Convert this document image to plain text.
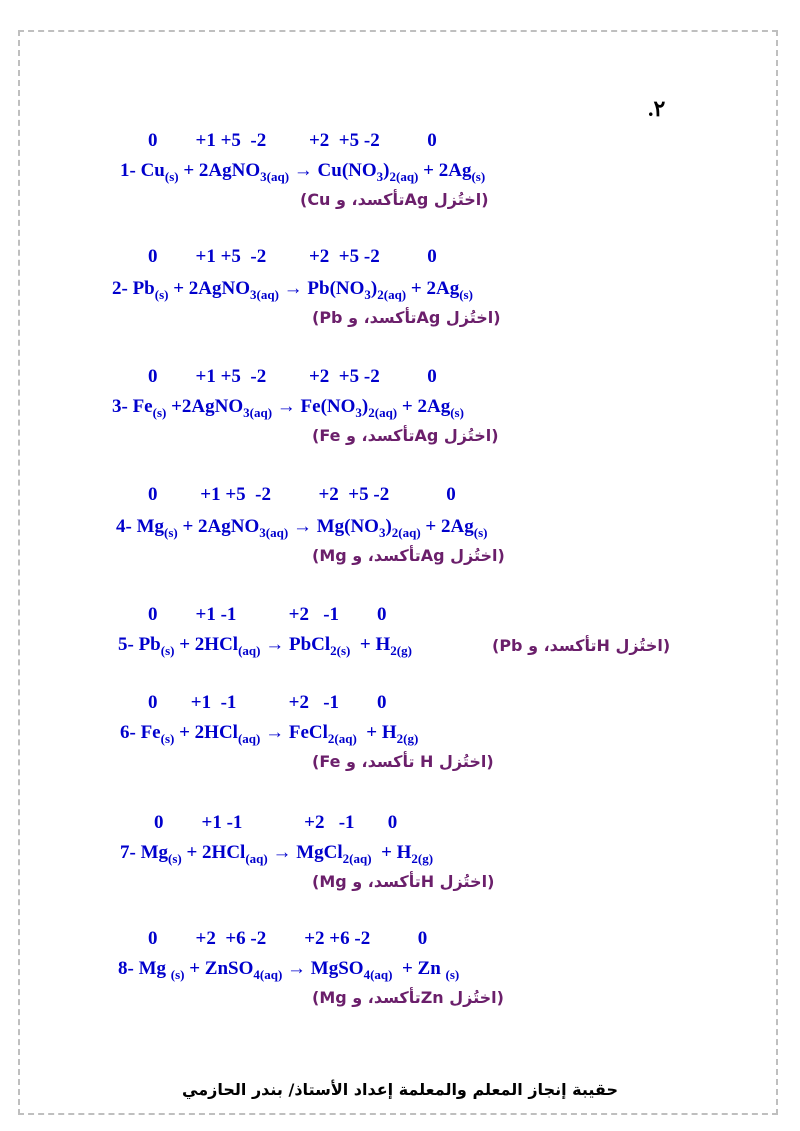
.٢
0        +1 +5  -2         +2  +5 -2          0
1- $Cu_{(s)}$ + 2AgNO$_{3(aq)}$ → $Cu(NO_3)_{2(aq)} + 2Ag_{(s)}$
(Cu تأكسد، وAg اختُزل)
0        +1 +5  -2         +2  +5 -2          0
2- $Pb_{(s)}$ + 2AgNO$_{3(aq)}$ → $Pb(NO_3)_{2(aq)} + 2Ag_{(s)}$
(Pb تأكسد، وAg اختُزل)
0        +1 +5  -2         +2  +5 -2          0
3- $Fe_{(s)}$ +2AgNO$_{3(aq)}$ → $Fe(NO_3)_{2(aq)} + 2Ag_{(s)}$
(Fe تأكسد، وAg اختُزل)
0         +1 +5  -2          +2  +5 -2            0
4- $Mg_{(s)}$ + 2AgNO$_{3(aq)}$ → $Mg(NO_3)_{2(aq)} + 2Ag_{(s)}$
(Mg تأكسد، وAg اختُزل)
0        +1 -1           +2   -1        0
5- $Pb_{(s)} + 2HCl_{(aq)}$ → PbCl$_{2(s)}$  + $H_{2(g)}$	(Pb تأكسد، وH اختُزل)
0       +1  -1           +2   -1        0
6- $Fe_{(s)} + 2HCl_{(aq)}$ → FeCl$_{2(aq)}$  + $H_{2(g)}$
(Fe تأكسد، و H اختُزل)
0        +1 -1             +2   -1       0
7- $Mg_{(s)} + 2HCl_{(aq)}$ → MgCl$_{2(aq)}$  + $H_{2(g)}$
(Mg تأكسد، وH اختُزل)
0        +2  +6 -2        +2 +6 -2          0
8- Mg $_{(s)}$ + ZnSO$_{4(aq)}$ → MgSO$_{4(aq)}$  + Zn $_{(s)}$
(Mg تأكسد، وZn اختُزل)
حقيبة إنجاز المعلم والمعلمة إعداد الأستاذ/ بندر الحازمي
